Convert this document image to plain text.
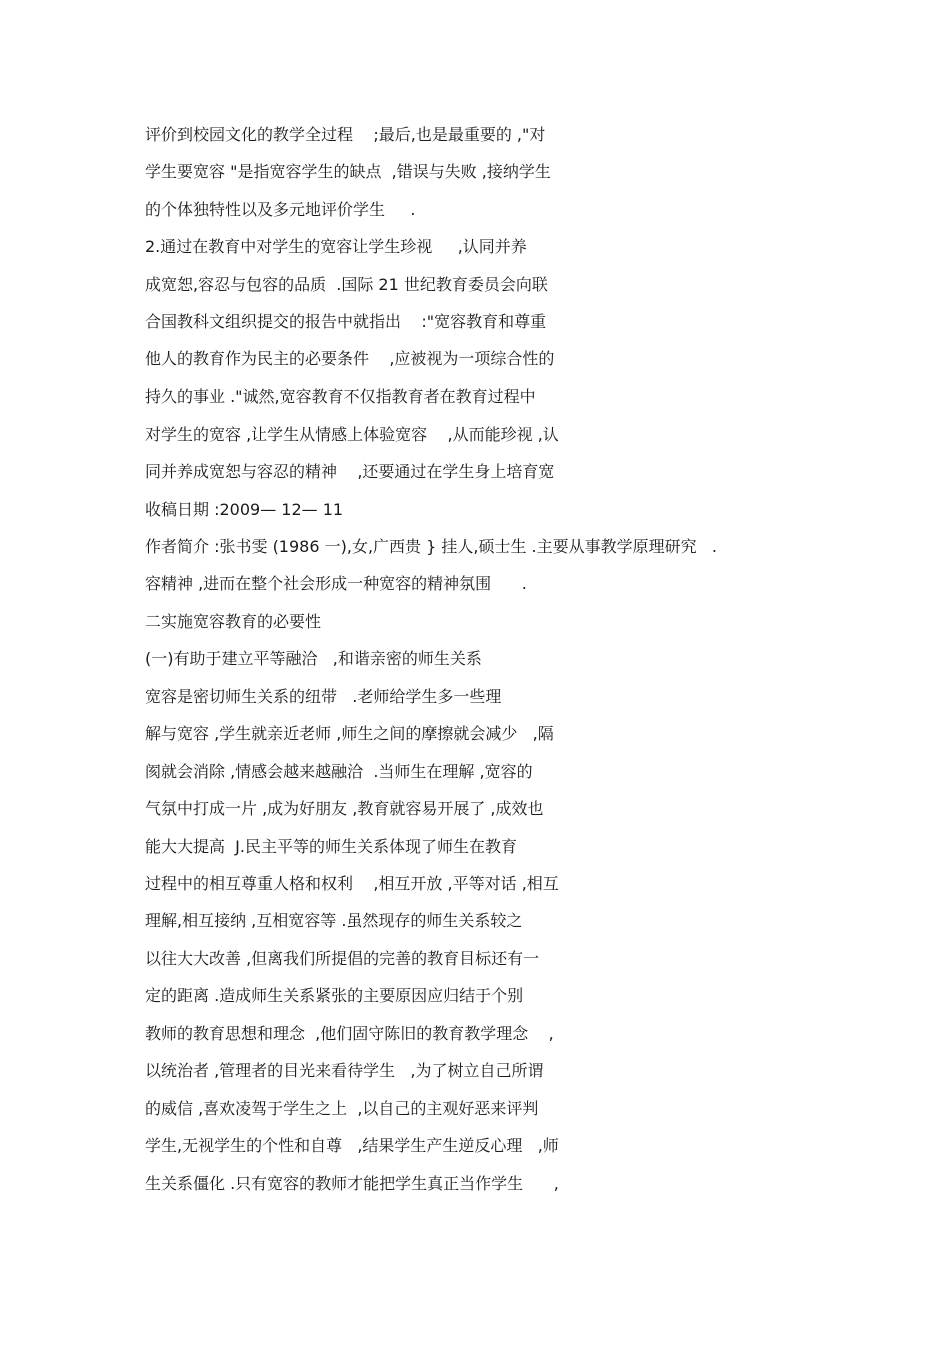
评价到校园文化的教学全过程    ;最后,也是最重要的 ,"对
学生要宽容 "是指宽容学生的缺点  ,错误与失败 ,接纳学生
的个体独特性以及多元地评价学生     .
2.通过在教育中对学生的宽容让学生珍视     ,认同并养
成宽恕,容忍与包容的品质  .国际 21 世纪教育委员会向联
合国教科文组织提交的报告中就指出    :"宽容教育和尊重
他人的教育作为民主的必要条件    ,应被视为一项综合性的
持久的事业 ."诚然,宽容教育不仅指教育者在教育过程中
对学生的宽容 ,让学生从情感上体验宽容    ,从而能珍视 ,认
同并养成宽恕与容忍的精神    ,还要通过在学生身上培育宽
收稿日期 :2009— 12— 11
作者简介 :张书雯 (1986 一),女,广西贵 } 挂人,硕士生 .主要从事教学原理研究   .
容精神 ,进而在整个社会形成一种宽容的精神氛围      .
二实施宽容教育的必要性
(一)有助于建立平等融洽   ,和谐亲密的师生关系
宽容是密切师生关系的纽带   .老师给学生多一些理
解与宽容 ,学生就亲近老师 ,师生之间的摩擦就会减少   ,隔
阂就会消除 ,情感会越来越融洽  .当师生在理解 ,宽容的
气氛中打成一片 ,成为好朋友 ,教育就容易开展了 ,成效也
能大大提高  J.民主平等的师生关系体现了师生在教育
过程中的相互尊重人格和权利    ,相互开放 ,平等对话 ,相互
理解,相互接纳 ,互相宽容等 .虽然现存的师生关系较之
以往大大改善 ,但离我们所提倡的完善的教育目标还有一
定的距离 .造成师生关系紧张的主要原因应归结于个别
教师的教育思想和理念  ,他们固守陈旧的教育教学理念    ,
以统治者 ,管理者的目光来看待学生   ,为了树立自己所谓
的威信 ,喜欢凌驾于学生之上  ,以自己的主观好恶来评判
学生,无视学生的个性和自尊   ,结果学生产生逆反心理   ,师
生关系僵化 .只有宽容的教师才能把学生真正当作学生      ,
